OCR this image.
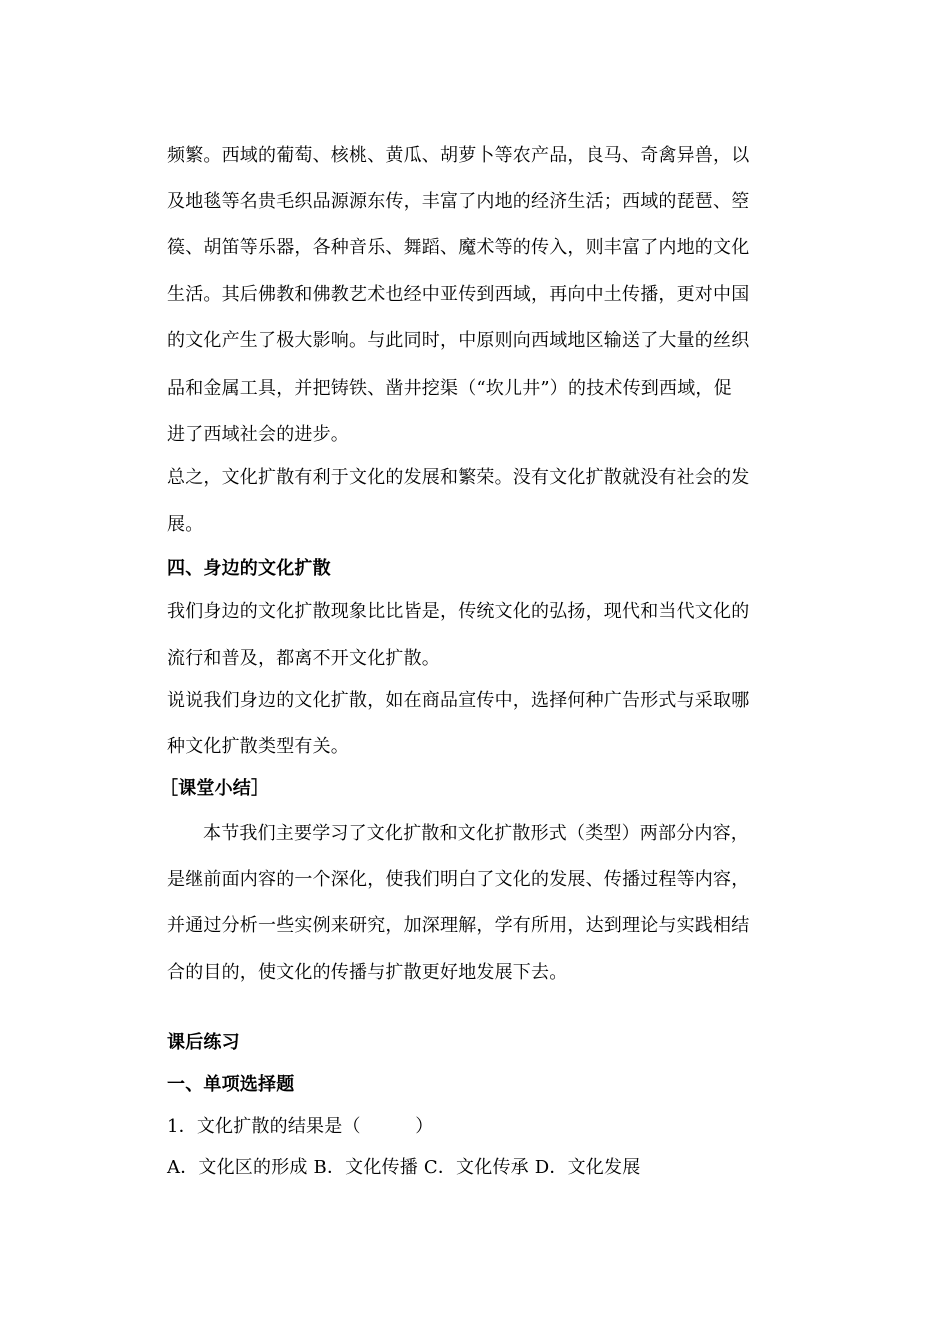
频繁。西域的葡萄、核桃、黄瓜、胡萝卜等农产品，良马、奇禽异兽，以
及地毯等名贵毛织品源源东传，丰富了内地的经济生活；西域的琵琶、箜
篌、胡笛等乐器，各种音乐、舞蹈、魔术等的传入，则丰富了内地的文化
生活。其后佛教和佛教艺术也经中亚传到西域，再向中土传播，更对中国
的文化产生了极大影响。与此同时，中原则向西域地区输送了大量的丝织
品和金属工具，并把铸铁、凿井挖渠（“坎儿井”）的技术传到西域，促
进了西域社会的进步。
总之，文化扩散有利于文化的发展和繁荣。没有文化扩散就没有社会的发
展。
四、身边的文化扩散
我们身边的文化扩散现象比比皆是，传统文化的弘扬，现代和当代文化的
流行和普及，都离不开文化扩散。
说说我们身边的文化扩散，如在商品宣传中，选择何种广告形式与采取哪
种文化扩散类型有关。
［课堂小结］
本节我们主要学习了文化扩散和文化扩散形式（类型）两部分内容，
是继前面内容的一个深化，使我们明白了文化的发展、传播过程等内容，
并通过分析一些实例来研究，加深理解，学有所用，达到理论与实践相结
合的目的，使文化的传播与扩散更好地发展下去。
课后练习
一、单项选择题
1．文化扩散的结果是（　　　）
A．文化区的形成 B．文化传播 C．文化传承 D．文化发展
